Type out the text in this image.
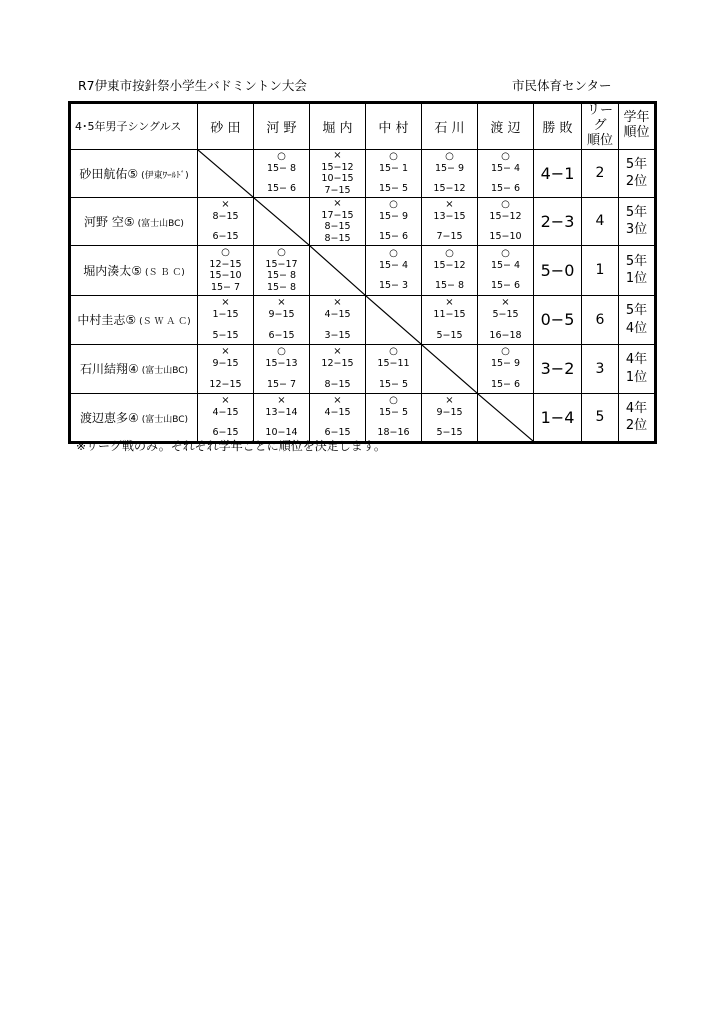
R7伊東市按針祭小学生バドミントン大会	市民体育センター
4･5年男子シングルス	砂 田	河 野	堀 内	中 村	石 川	渡 辺	勝 敗	リーグ
順位	学年
順位
砂田航佑⑤ (伊東ﾜｰﾙﾄﾞ)		○
15− 8
15− 6	×
15−12
10−15
7−15	○
15− 1
15− 5	○
15− 9
15−12	○
15− 4
15− 6	4−1	2	5年
2位
河野 空⑤ (富士山BC)	×
8−15
6−15		×
17−15
8−15
8−15	○
15− 9
15− 6	×
13−15
7−15	○
15−12
15−10	2−3	4	5年
3位
堀内湊太⑤ (Ｓ Ｂ Ｃ)	○
12−15
15−10
15− 7	○
15−17
15− 8
15− 8		○
15− 4
15− 3	○
15−12
15− 8	○
15− 4
15− 6	5−0	1	5年
1位
中村圭志⑤ (Ｓ Ｗ Ａ Ｃ)	×
1−15
5−15	×
9−15
6−15	×
4−15
3−15		×
11−15
5−15	×
5−15
16−18	0−5	6	5年
4位
石川結翔④ (富士山BC)	×
9−15
12−15	○
15−13
15− 7	×
12−15
8−15	○
15−11
15− 5		○
15− 9
15− 6	3−2	3	4年
1位
渡辺恵多④ (富士山BC)	×
4−15
6−15	×
13−14
10−14	×
4−15
6−15	○
15− 5
18−16	×
9−15
5−15		1−4	5	4年
2位
※リーグ戦のみ。それぞれ学年ごとに順位を決定します。
